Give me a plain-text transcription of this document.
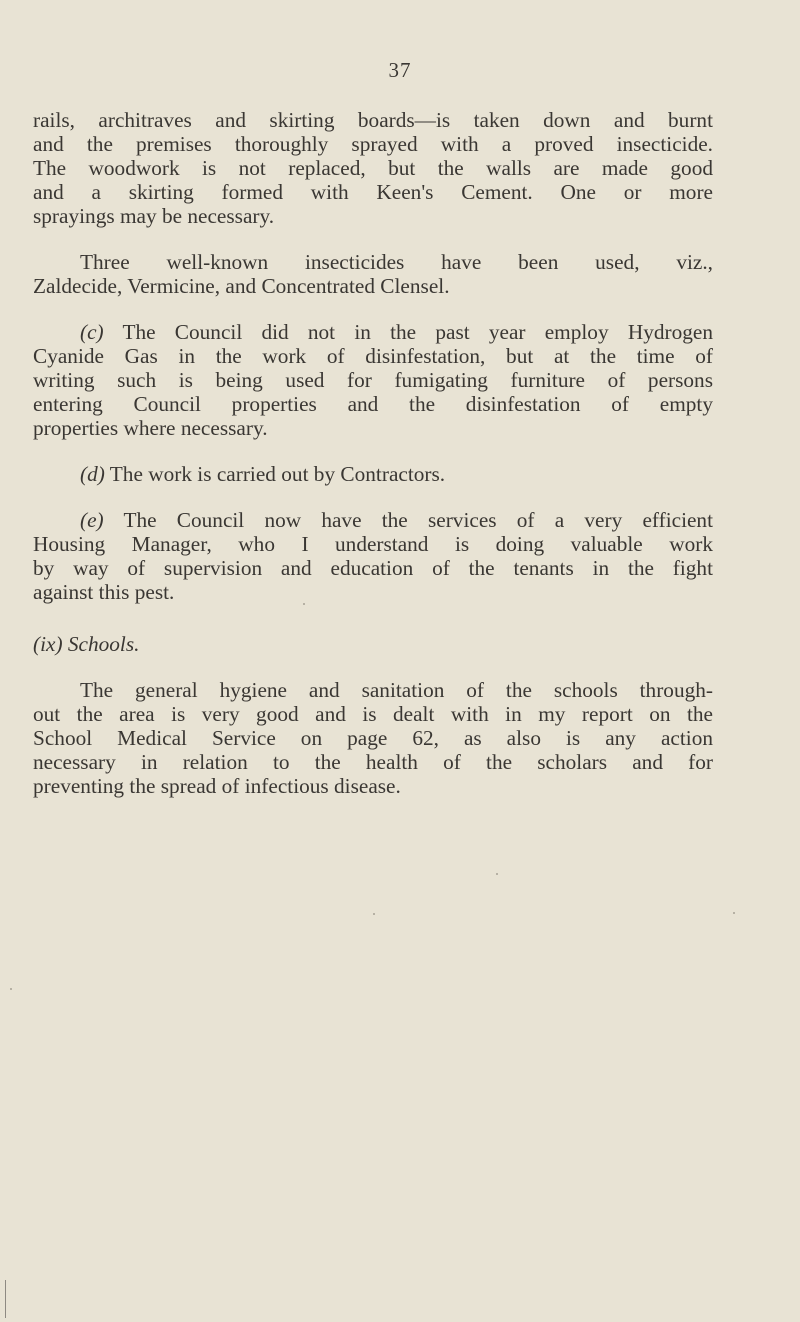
37

rails, architraves and skirting boards—is taken down and burnt
and the premises thoroughly sprayed with a proved insecticide.
The woodwork is not replaced, but the walls are made good
and a skirting formed with Keen's Cement. One or more
sprayings may be necessary.

Three well-known insecticides have been used, viz.,
Zaldecide, Vermicine, and Concentrated Clensel.

(c) The Council did not in the past year employ Hydrogen
Cyanide Gas in the work of disinfestation, but at the time of
writing such is being used for fumigating furniture of persons
entering Council properties and the disinfestation of empty
properties where necessary.

(d) The work is carried out by Contractors.

(e) The Council now have the services of a very efficient
Housing Manager, who I understand is doing valuable work
by way of supervision and education of the tenants in the fight
against this pest.

(ix) Schools.

The general hygiene and sanitation of the schools through-
out the area is very good and is dealt with in my report on the
School Medical Service on page 62, as also is any action
necessary in relation to the health of the scholars and for
preventing the spread of infectious disease.
